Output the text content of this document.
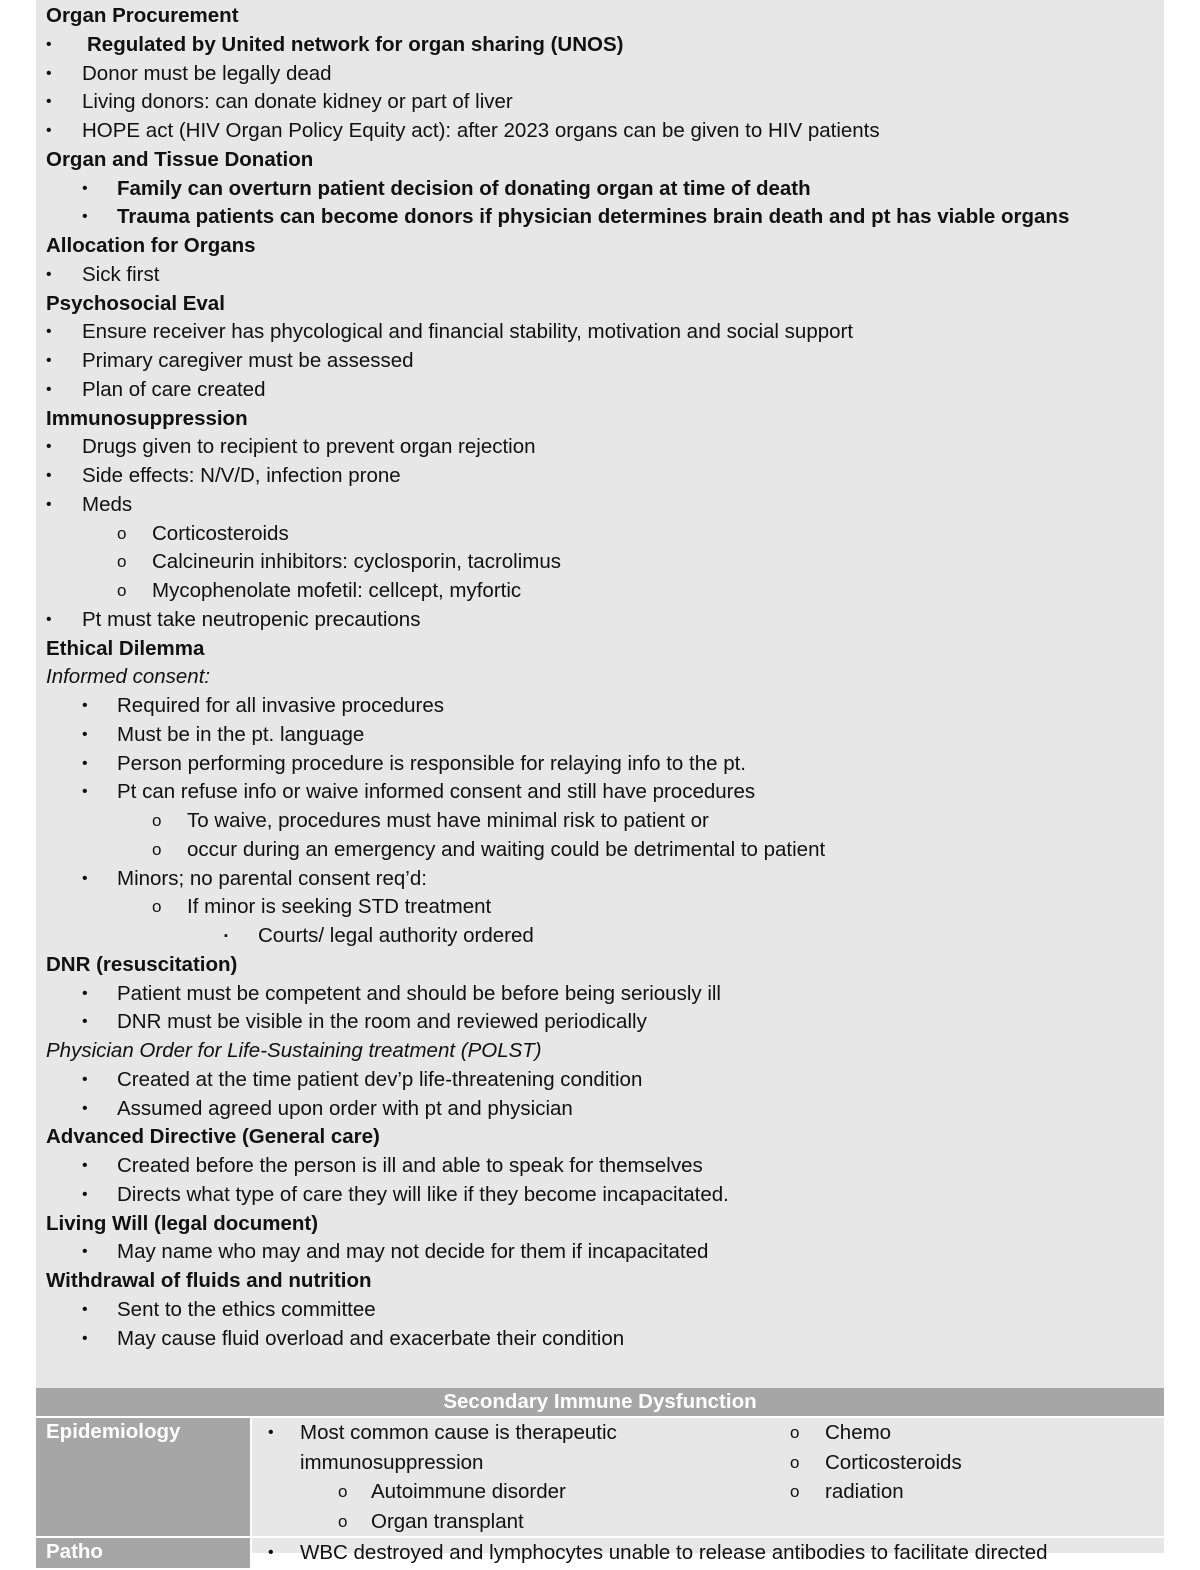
Organ Procurement
• Regulated by United network for organ sharing (UNOS)
• Donor must be legally dead
• Living donors: can donate kidney or part of liver
• HOPE act (HIV Organ Policy Equity act): after 2023 organs can be given to HIV patients
Organ and Tissue Donation
• Family can overturn patient decision of donating organ at time of death
• Trauma patients can become donors if physician determines brain death and pt has viable organs
Allocation for Organs
• Sick first
Psychosocial Eval
• Ensure receiver has phycological and financial stability, motivation and social support
• Primary caregiver must be assessed
• Plan of care created
Immunosuppression
• Drugs given to recipient to prevent organ rejection
• Side effects: N/V/D, infection prone
• Meds
o Corticosteroids
o Calcineurin inhibitors: cyclosporin, tacrolimus
o Mycophenolate mofetil: cellcept, myfortic
• Pt must take neutropenic precautions
Ethical Dilemma
Informed consent:
• Required for all invasive procedures
• Must be in the pt. language
• Person performing procedure is responsible for relaying info to the pt.
• Pt can refuse info or waive informed consent and still have procedures
o To waive, procedures must have minimal risk to patient or
o occur during an emergency and waiting could be detrimental to patient
• Minors; no parental consent req’d:
o If minor is seeking STD treatment
▪ Courts/ legal authority ordered
DNR (resuscitation)
• Patient must be competent and should be before being seriously ill
• DNR must be visible in the room and reviewed periodically
Physician Order for Life-Sustaining treatment (POLST)
• Created at the time patient dev’p life-threatening condition
• Assumed agreed upon order with pt and physician
Advanced Directive (General care)
• Created before the person is ill and able to speak for themselves
• Directs what type of care they will like if they become incapacitated.
Living Will (legal document)
• May name who may and may not decide for them if incapacitated
Withdrawal of fluids and nutrition
• Sent to the ethics committee
• May cause fluid overload and exacerbate their condition
Secondary Immune Dysfunction
Epidemiology	• Most common cause is therapeutic
immunosuppression
o Autoimmune disorder
o Organ transplant
o Chemo
o Corticosteroids
o radiation
Patho	• WBC destroyed and lymphocytes unable to release antibodies to facilitate directed
